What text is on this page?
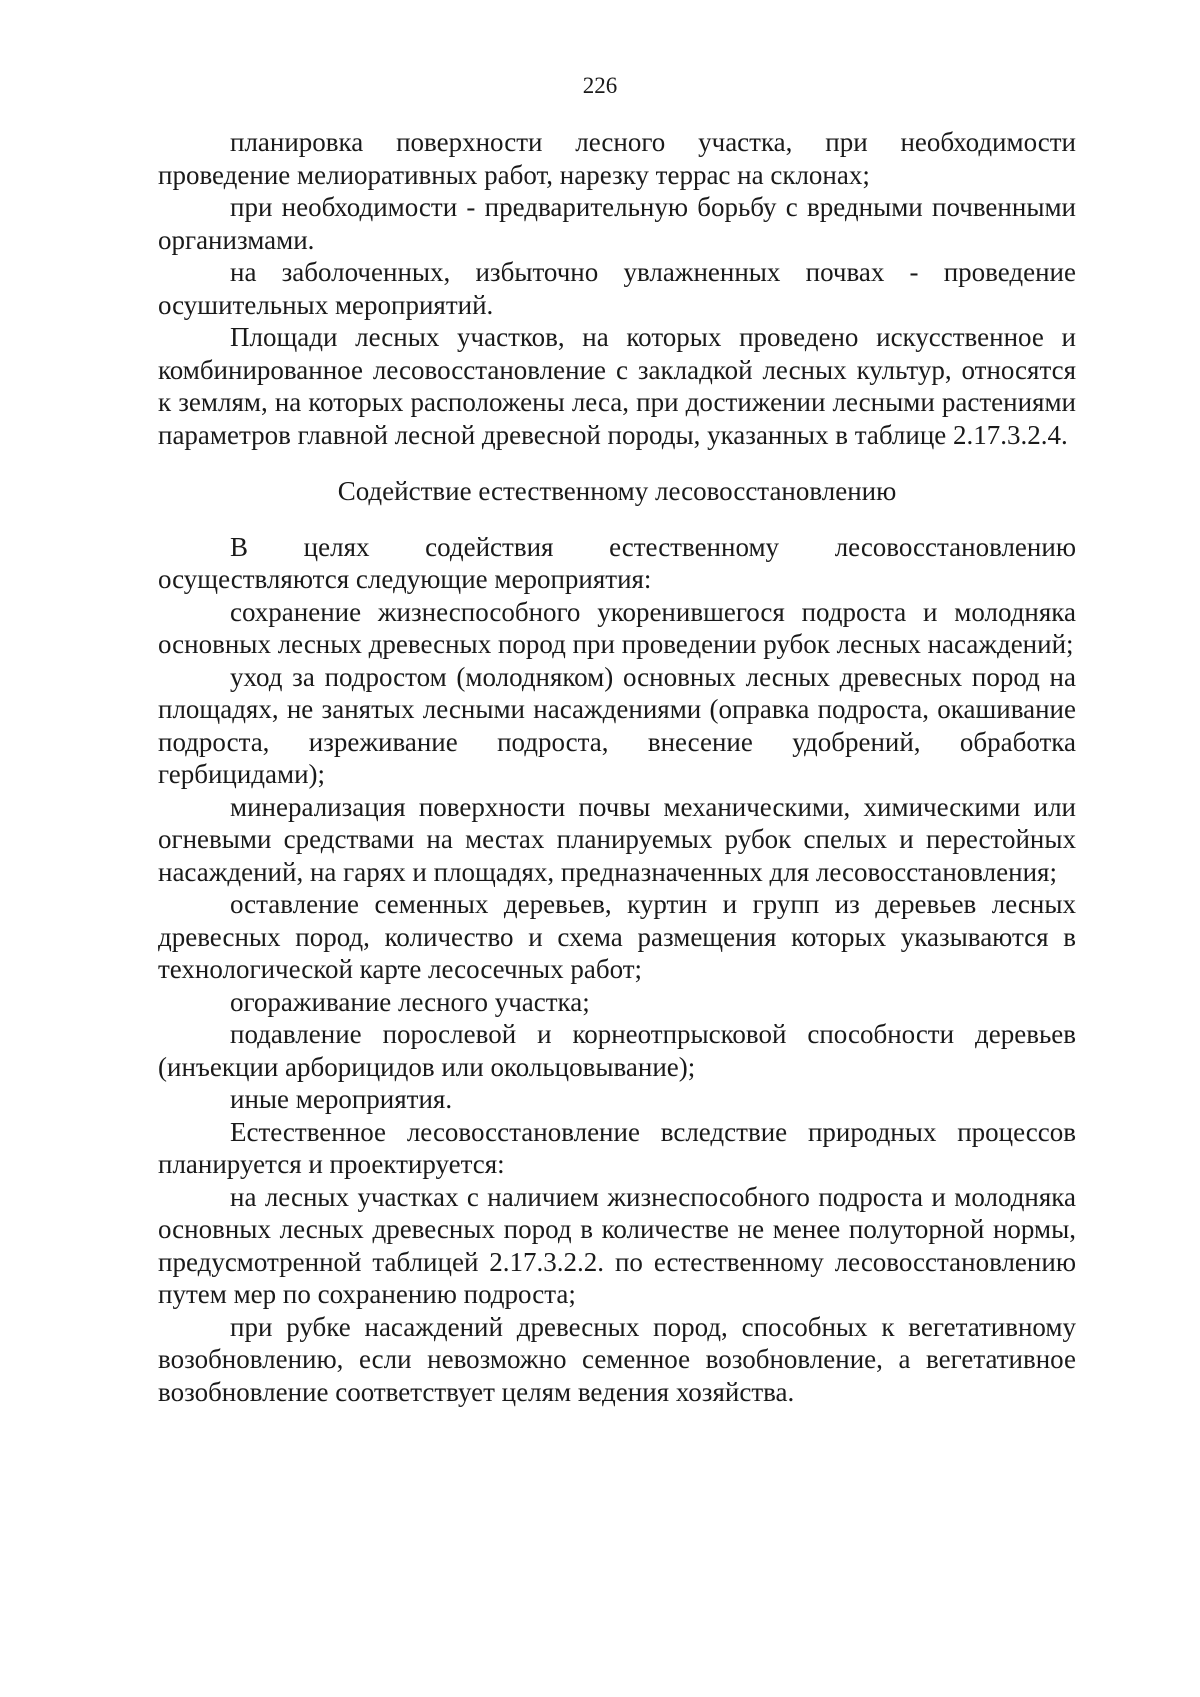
226

планировка поверхности лесного участка, при необходимости проведение мелиоративных работ, нарезку террас на склонах;

при необходимости - предварительную борьбу с вредными почвенными организмами.

на заболоченных, избыточно увлажненных почвах - проведение осушительных мероприятий.

Площади лесных участков, на которых проведено искусственное и комбинированное лесовосстановление с закладкой лесных культур, относятся к землям, на которых расположены леса, при достижении лесными растениями параметров главной лесной древесной породы, указанных в таблице 2.17.3.2.4.

Содействие естественному лесовосстановлению

В целях содействия естественному лесовосстановлению

осуществляются следующие мероприятия:

сохранение жизнеспособного укоренившегося подроста и молодняка основных лесных древесных пород при проведении рубок лесных насаждений;

уход за подростом (молодняком) основных лесных древесных пород на площадях, не занятых лесными насаждениями (оправка подроста, окашивание подроста, изреживание подроста, внесение удобрений, обработка гербицидами);

минерализация поверхности почвы механическими, химическими или огневыми средствами на местах планируемых рубок спелых и перестойных насаждений, на гарях и площадях, предназначенных для лесовосстановления;

оставление семенных деревьев, куртин и групп из деревьев лесных древесных пород, количество и схема размещения которых указываются в технологической карте лесосечных работ;

огораживание лесного участка;

подавление порослевой и корнеотпрысковой способности деревьев (инъекции арборицидов или окольцовывание);

иные мероприятия.

Естественное лесовосстановление вследствие природных процессов планируется и проектируется:

на лесных участках с наличием жизнеспособного подроста и молодняка основных лесных древесных пород в количестве не менее полуторной нормы, предусмотренной таблицей 2.17.3.2.2. по естественному лесовосстановлению путем мер по сохранению подроста;

при рубке насаждений древесных пород, способных к вегетативному возобновлению, если невозможно семенное возобновление, а вегетативное возобновление соответствует целям ведения хозяйства.
